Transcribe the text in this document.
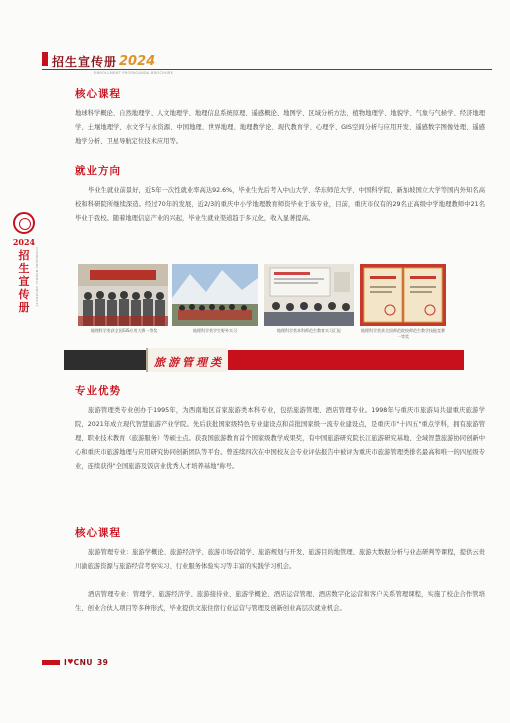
招生宣传册 2024
ENROLLMENT PROPAGANDA BROCHURE
2024
招生宣传册
CHONGQING NORMAL UNIVERSITY
核心课程
地球科学概论、自然地理学、人文地理学、地理信息系统原理、遥感概论、地图学、区域分析方法、植物地理学、地貌学、气象与气候学、经济地理学、土壤地理学、水文学与水资源、中国地理、世界地理、地理教学论、现代教育学、心理学、GIS空间分析与应用开发、遥感数字图像处理、遥感地学分析、卫星导航定位技术应用等。
就业方向
毕业生就业前景好，近5年一次性就业率高达92.6%，毕业生先后考入中山大学、华东师范大学、中国科学院、新加坡国立大学等国内外知名高校和科研院所继续深造。经过70年的发展，近2/3的重庆中小学地理教育师资毕业于该专业，目前，重庆市仅有的29名正高级中学地理教师中21名毕业于我校。随着地理信息产业的兴起，毕业生就业渠道趋于多元化，收入显著提高。
地理科学类获全国GIS应用大赛一等奖	地理科学类学生野外实习	地理科学类本科师范生教育实习汇报	地理科学类获全国师范院校师范生教学技能竞赛一等奖
旅游管理类
专业优势
旅游管理类专业创办于1995年，为西南地区首家旅游类本科专业，包括旅游管理、酒店管理专业。1998年与重庆市旅游局共建重庆旅游学院，2021年成立现代智慧旅游产业学院。先后获批国家级特色专业建设点和首批国家级一流专业建设点，是重庆市"十四五"重点学科，拥有旅游管理、职业技术教育（旅游服务）等硕士点。获我国旅游教育首个国家级教学成果奖，有中国旅游研究院长江旅游研究基地、全域智慧旅游协同创新中心和重庆市旅游地理与应用研究协同创新团队等平台。曾连续四次在中国校友会专业评估报告中被评为重庆市旅游管理类排名最高和唯一的四星级专业，连续获得"全国旅游及饭店业优秀人才培养基地"称号。
核心课程
旅游管理专业：旅游学概论、旅游经济学、旅游市场营销学、旅游规划与开发、旅游目的地管理、旅游大数据分析与业态研判等课程，提供云贵川渝旅游资源与旅游经营考察实习、行业服务体验实习等丰富的实践学习机会。
酒店管理专业：管理学、旅游经济学、旅游接待业、旅游学概论、酒店运营管理、酒店数字化运营和客户关系管理课程，实施了校企合作管培生、创业合伙人项目等多种形式，毕业提供文旅住宿行业运营与管理及创新创业高层次就业机会。
I ♥ CNU 39
